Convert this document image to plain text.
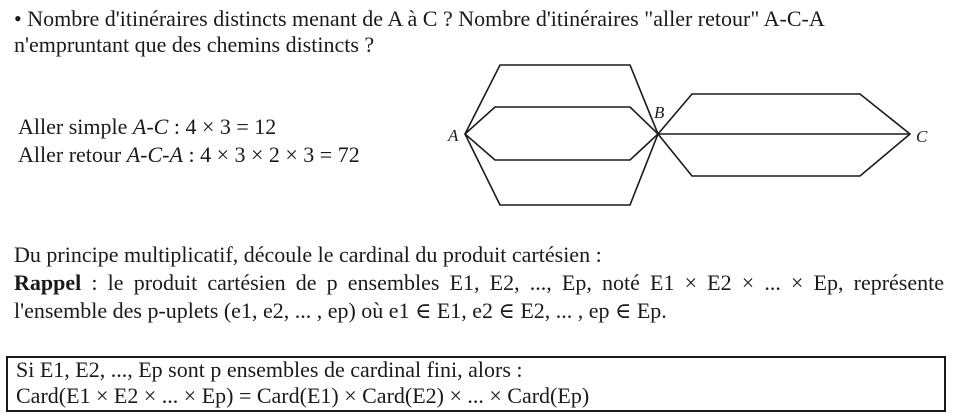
• Nombre d'itinéraires distincts menant de A à C ? Nombre d'itinéraires "aller retour" A-C-A
n'empruntant que des chemins distincts ?
Aller simple A-C : 4 × 3 = 12
Aller retour A-C-A : 4 × 3 × 2 × 3 = 72
A
B
C
Du principe multiplicatif, découle le cardinal du produit cartésien :
Rappel : le produit cartésien de p ensembles E1, E2, ..., Ep, noté E1 × E2 × ... × Ep, représente
l'ensemble des p-uplets (e1, e2, ... , ep) où e1 ∈ E1, e2 ∈ E2, ... , ep ∈ Ep.
Si E1, E2, ..., Ep sont p ensembles de cardinal fini, alors :
Card(E1 × E2 × ... × Ep) = Card(E1) × Card(E2) × ... × Card(Ep)
